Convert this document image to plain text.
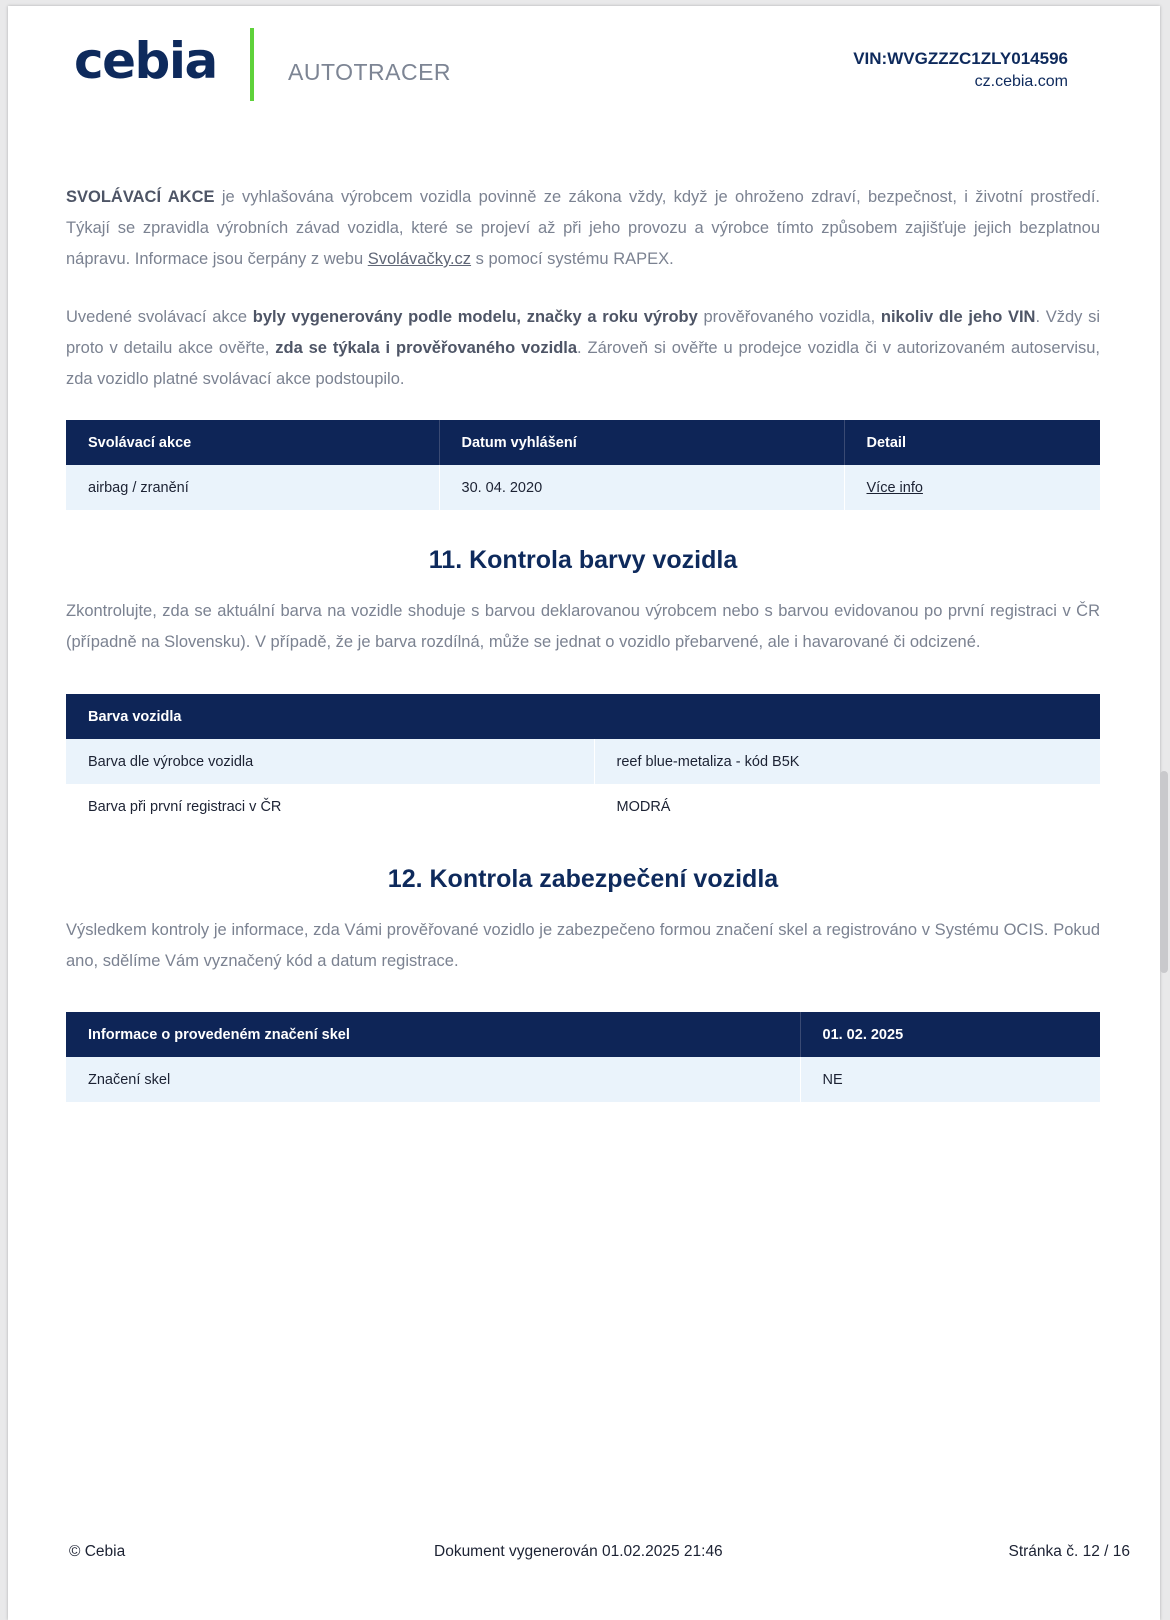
cebia	AUTOTRACER
VIN:WVGZZZC1ZLY014596
cz.cebia.com

SVOLÁVACÍ AKCE je vyhlašována výrobcem vozidla povinně ze zákona vždy, když je ohroženo zdraví, bezpečnost, i životní prostředí. Týkají se zpravidla výrobních závad vozidla, které se projeví až při jeho provozu a výrobce tímto způsobem zajišťuje jejich bezplatnou nápravu. Informace jsou čerpány z webu Svolávačky.cz s pomocí systému RAPEX.

Uvedené svolávací akce byly vygenerovány podle modelu, značky a roku výroby prověřovaného vozidla, nikoliv dle jeho VIN. Vždy si proto v detailu akce ověřte, zda se týkala i prověřovaného vozidla. Zároveň si ověřte u prodejce vozidla či v autorizovaném autoservisu, zda vozidlo platné svolávací akce podstoupilo.

Svolávací akce	Datum vyhlášení	Detail
airbag / zranění	30. 04. 2020	Více info
11. Kontrola barvy vozidla

Zkontrolujte, zda se aktuální barva na vozidle shoduje s barvou deklarovanou výrobcem nebo s barvou evidovanou po první registraci v ČR (případně na Slovensku). V případě, že je barva rozdílná, může se jednat o vozidlo přebarvené, ale i havarované či odcizené.

Barva vozidla	
Barva dle výrobce vozidla	reef blue-metaliza - kód B5K
Barva při první registraci v ČR	MODRÁ
12. Kontrola zabezpečení vozidla

Výsledkem kontroly je informace, zda Vámi prověřované vozidlo je zabezpečeno formou značení skel a registrováno v Systému OCIS. Pokud ano, sdělíme Vám vyznačený kód a datum registrace.

Informace o provedeném značení skel	01. 02. 2025
Značení skel	NE
© Cebia	Dokument vygenerován 01.02.2025 21:46	Stránka č. 12 / 16
